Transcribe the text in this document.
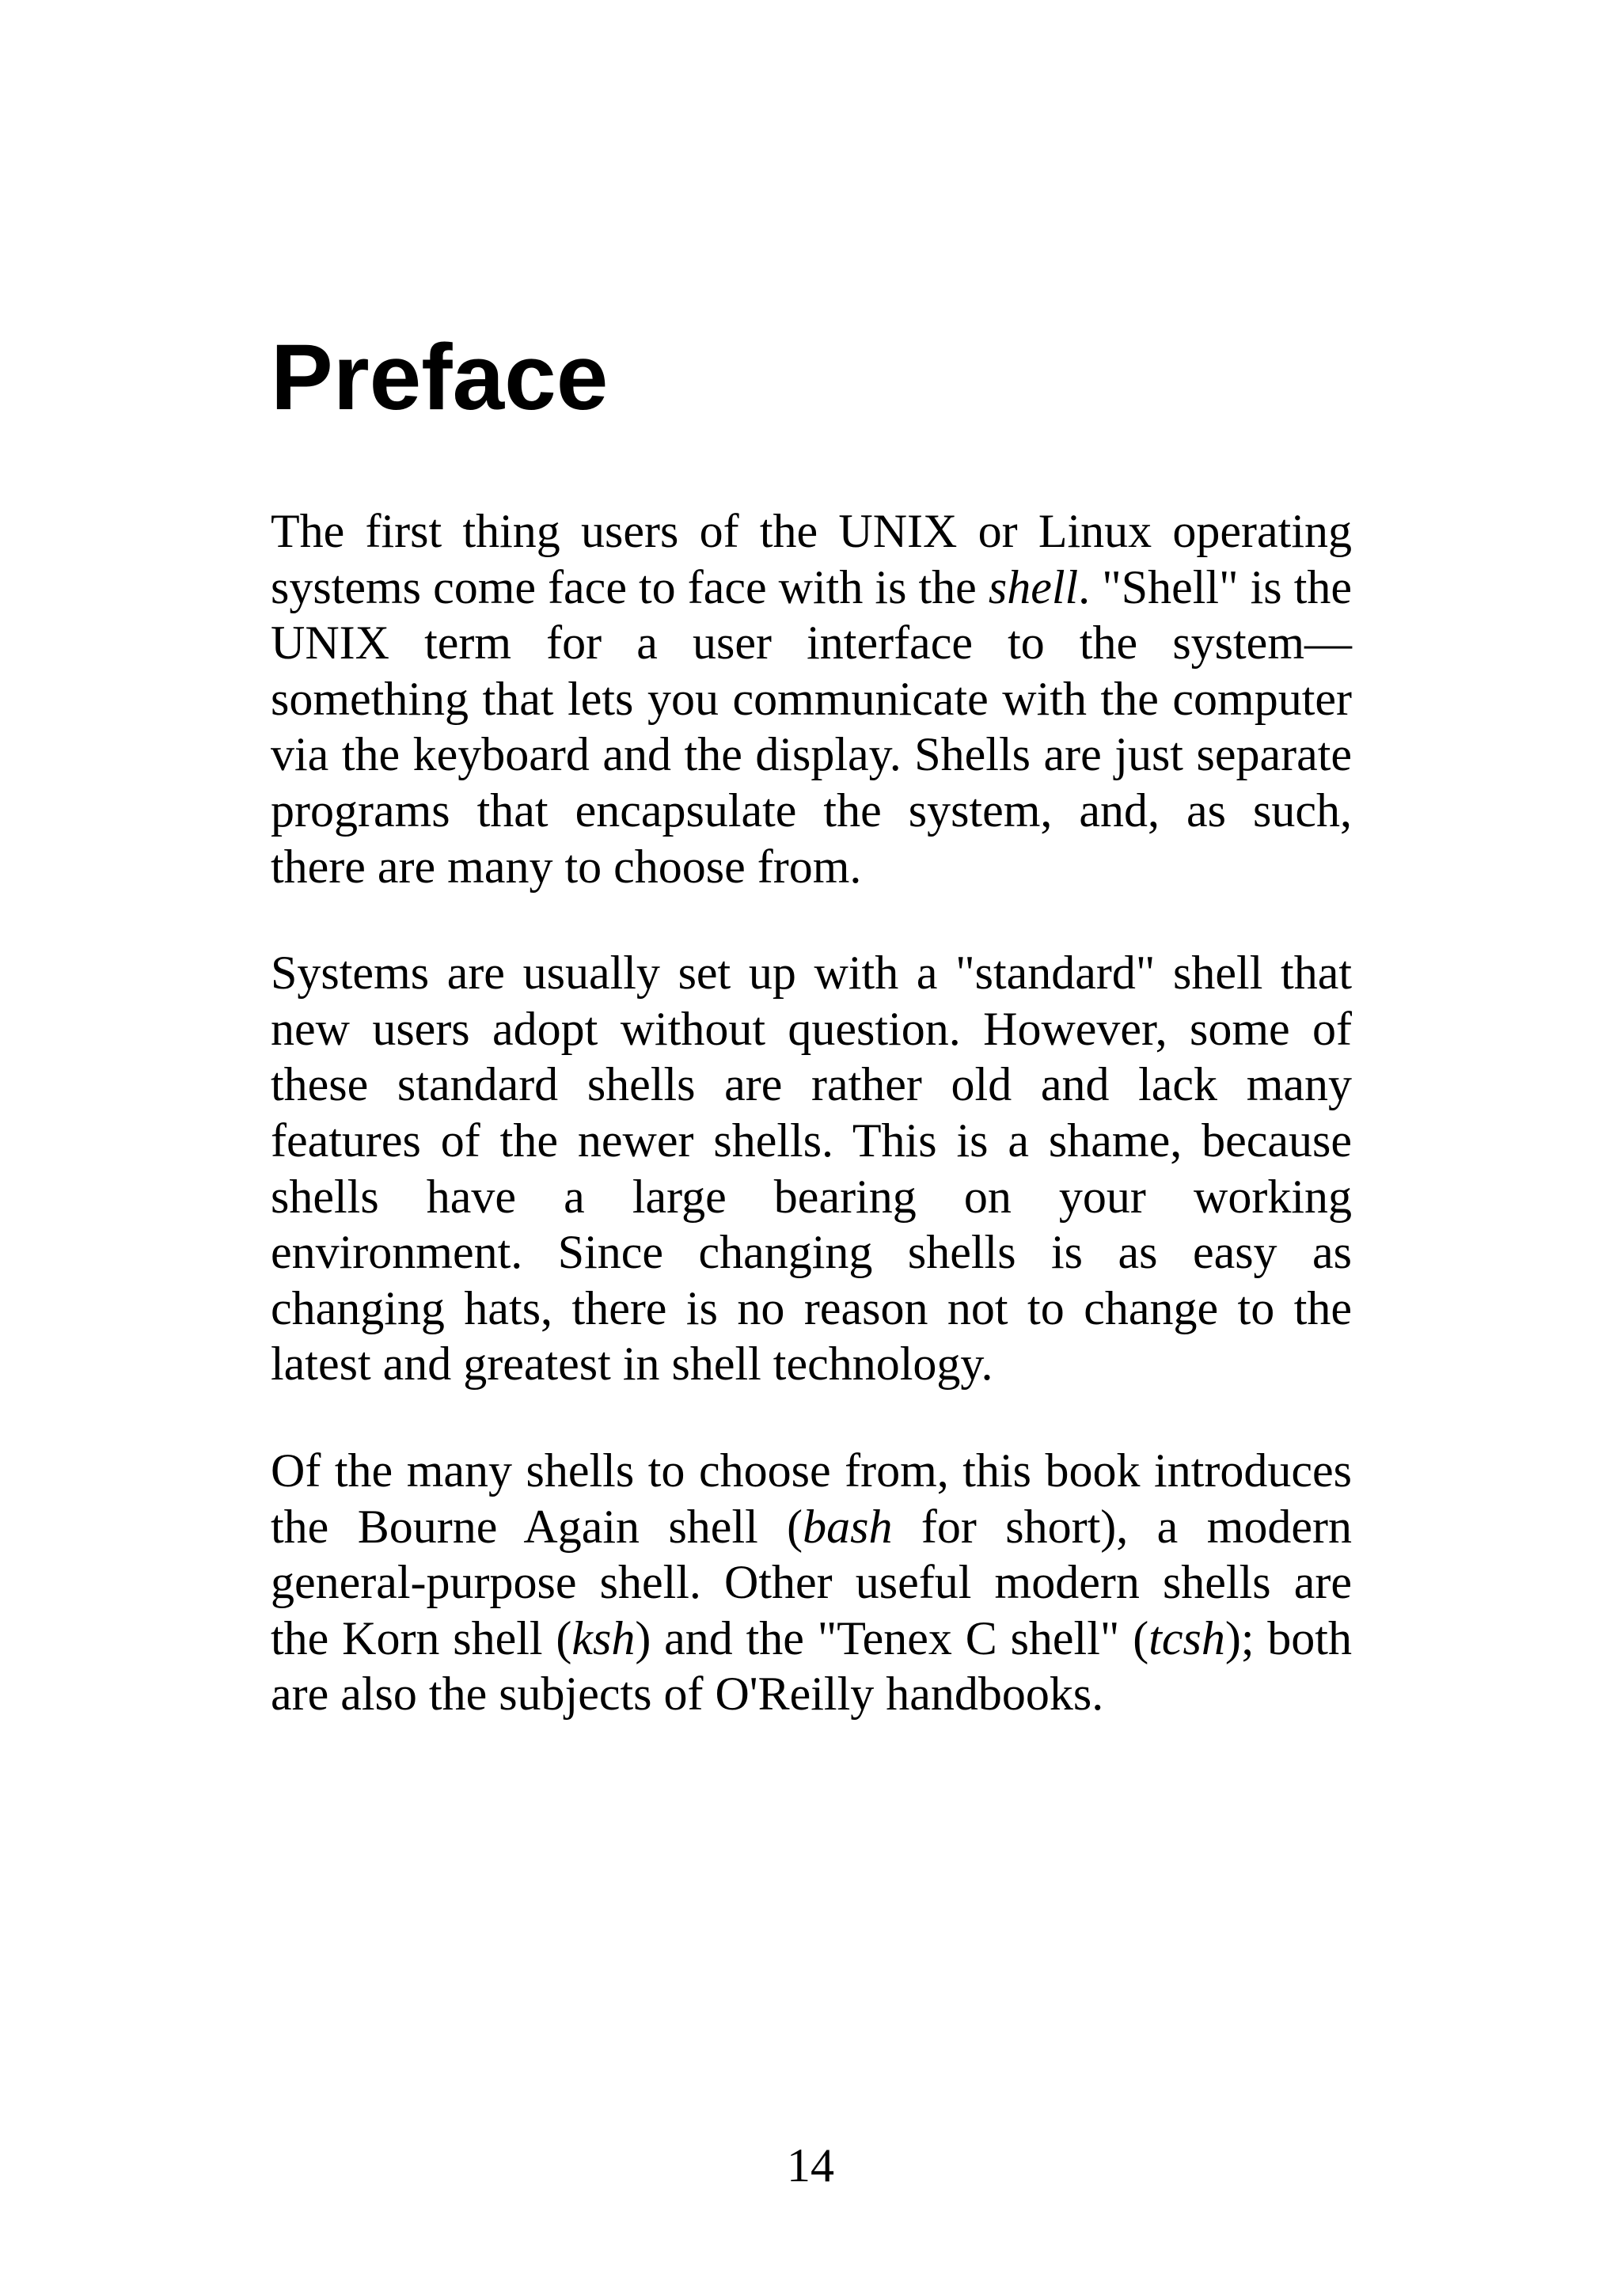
Preface

The first thing users of the UNIX or Linux operating systems come face to face with is the shell. "Shell" is the UNIX term for a user interface to the system—something that lets you communicate with the computer via the keyboard and the display. Shells are just separate programs that encapsulate the system, and, as such, there are many to choose from.

Systems are usually set up with a "standard" shell that new users adopt without question. However, some of these standard shells are rather old and lack many features of the newer shells. This is a shame, because shells have a large bearing on your working environment. Since changing shells is as easy as changing hats, there is no reason not to change to the latest and greatest in shell technology.

Of the many shells to choose from, this book introduces the Bourne Again shell (bash for short), a modern general-purpose shell. Other useful modern shells are the Korn shell (ksh) and the "Tenex C shell" (tcsh); both are also the subjects of O'Reilly handbooks.

14
